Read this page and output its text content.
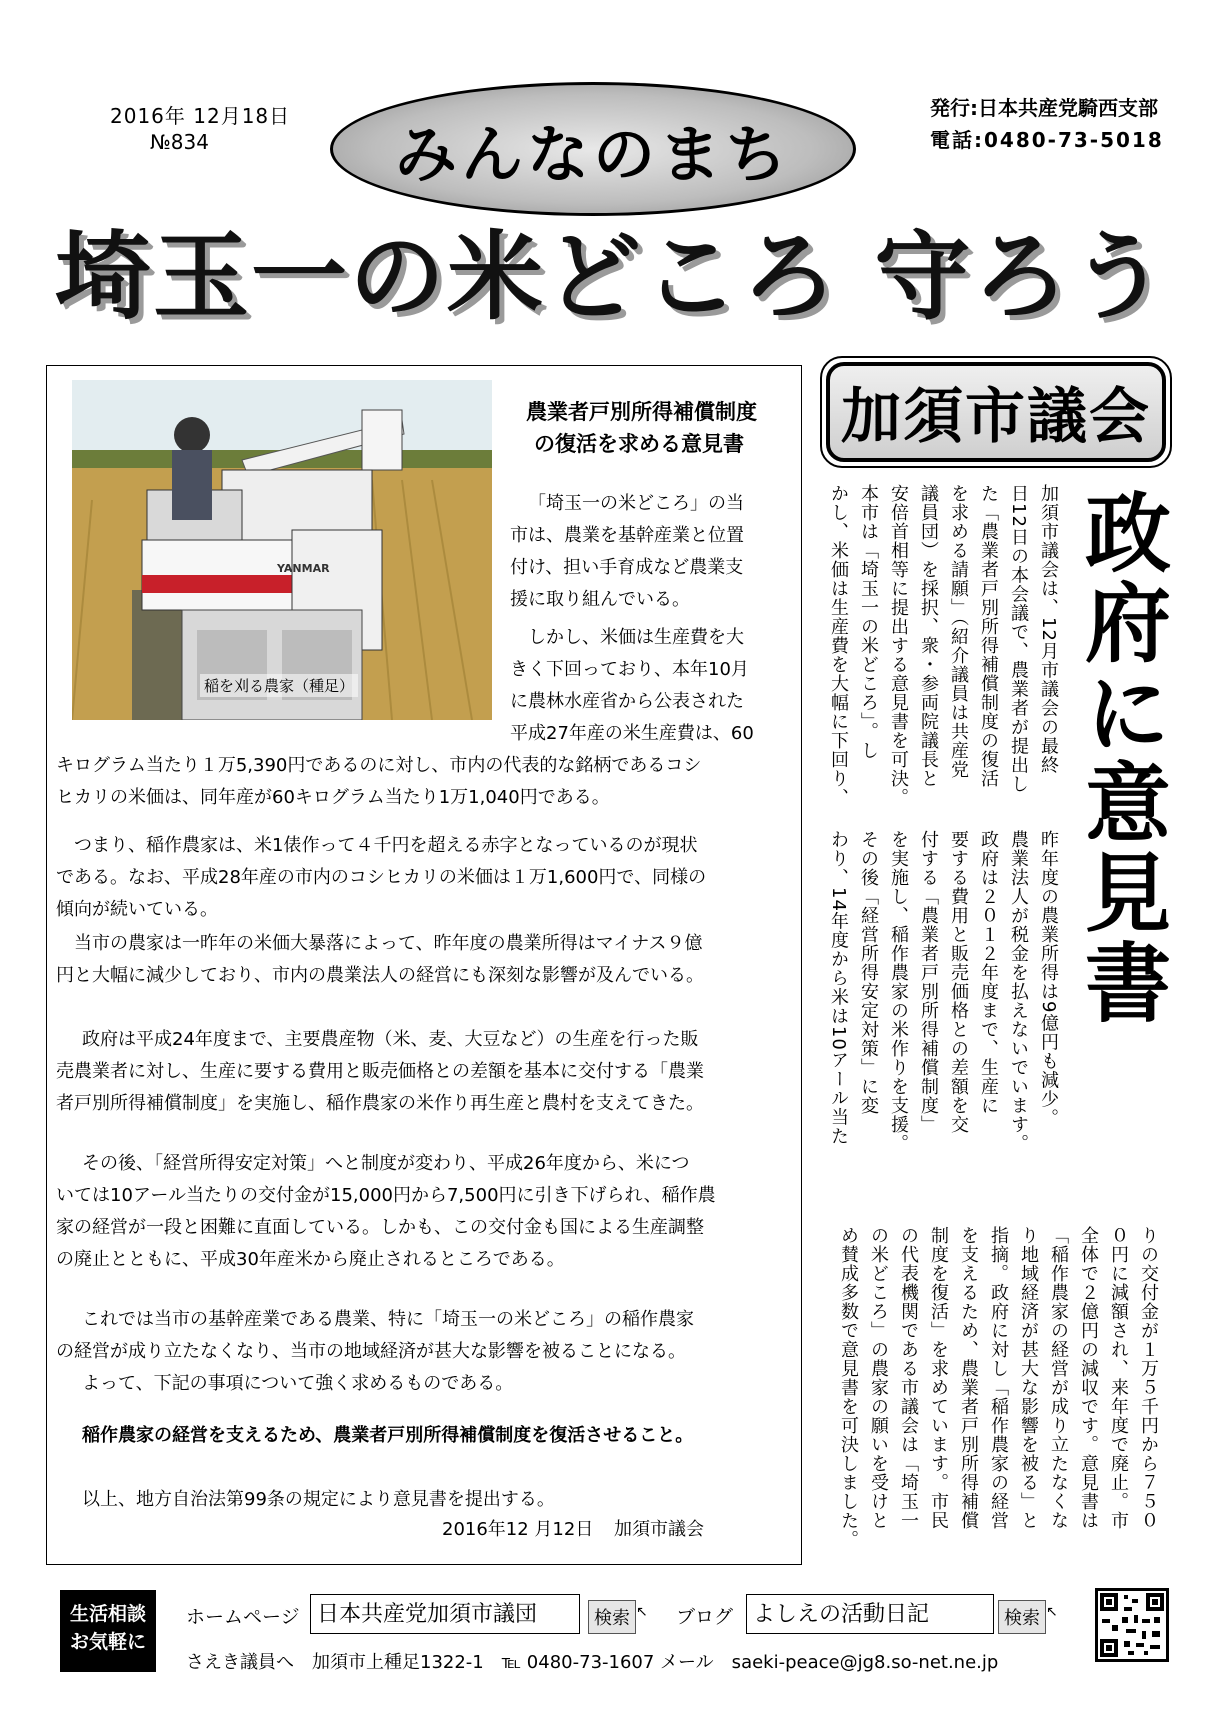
2016年 12月18日
№834	みんなのまち
発行:日本共産党騎西支部
電話:0480-73-5018
埼玉一の米どころ 守ろう
YANMAR
稲を刈る農家（種足）
農業者戸別所得補償制度
の復活を求める意見書
「埼玉一の米どころ」の当
市は、農業を基幹産業と位置
付け、担い手育成など農業支
援に取り組んでいる。
しかし、米価は生産費を大
きく下回っており、本年10月
に農林水産省から公表された
平成27年産の米生産費は、60
キログラム当たり１万5,390円であるのに対し、市内の代表的な銘柄であるコシ
ヒカリの米価は、同年産が60キログラム当たり1万1,040円である。
つまり、稲作農家は、米1俵作って４千円を超える赤字となっているのが現状
である。なお、平成28年産の市内のコシヒカリの米価は１万1,600円で、同様の
傾向が続いている。
当市の農家は一昨年の米価大暴落によって、昨年度の農業所得はマイナス９億
円と大幅に減少しており、市内の農業法人の経営にも深刻な影響が及んでいる。
政府は平成24年度まで、主要農産物（米、麦、大豆など）の生産を行った販
売農業者に対し、生産に要する費用と販売価格との差額を基本に交付する「農業
者戸別所得補償制度」を実施し、稲作農家の米作り再生産と農村を支えてきた。
その後、「経営所得安定対策」へと制度が変わり、平成26年度から、米につ
いては10アール当たりの交付金が15,000円から7,500円に引き下げられ、稲作農
家の経営が一段と困難に直面している。しかも、この交付金も国による生産調整
の廃止とともに、平成30年産米から廃止されるところである。
これでは当市の基幹産業である農業、特に「埼玉一の米どころ」の稲作農家
の経営が成り立たなくなり、当市の地域経済が甚大な影響を被ることになる。
よって、下記の事項について強く求めるものである。
稲作農家の経営を支えるため、農業者戸別所得補償制度を復活させること。
以上、地方自治法第99条の規定により意見書を提出する。
2016年12 月12日 加須市議会
加須市議会
政府に意見書
加須市議会は、12月市議会の最終
日12日の本会議で、農業者が提出し
た「農業者戸別所得補償制度の復活
を求める請願」（紹介議員は共産党
議員団）を採択、衆・参両院議長と
安倍首相等に提出する意見書を可決。
本市は「埼玉一の米どころ」。し
かし、米価は生産費を大幅に下回り、
昨年度の農業所得は9億円も減少。
農業法人が税金を払えないでいます。
政府は２０１２年度まで、生産に
要する費用と販売価格との差額を交
付する「農業者戸別所得補償制度」
を実施し、稲作農家の米作りを支援。
その後「経営所得安定対策」に変
わり、14年度から米は10アール当た
りの交付金が１万５千円から７５０
０円に減額され、来年度で廃止。市
全体で２億円の減収です。意見書は
「稲作農家の経営が成り立たなくな
り地域経済が甚大な影響を被る」と
指摘。政府に対し「稲作農家の経営
を支えるため、農業者戸別所得補償
制度を復活」を求めています。市民
の代表機関である市議会は「埼玉一
の米どころ」の農家の願いを受けと
め賛成多数で意見書を可決しました。
生活相談
お気軽に
ホームページ 日本共産党加須市議団	検索 ↖ ブログ よしえの活動日記	検索 ↖
さえき議員へ　加須市上種足1322-1　℡ 0480-73-1607 メール　saeki-peace@jg8.so-net.ne.jp
